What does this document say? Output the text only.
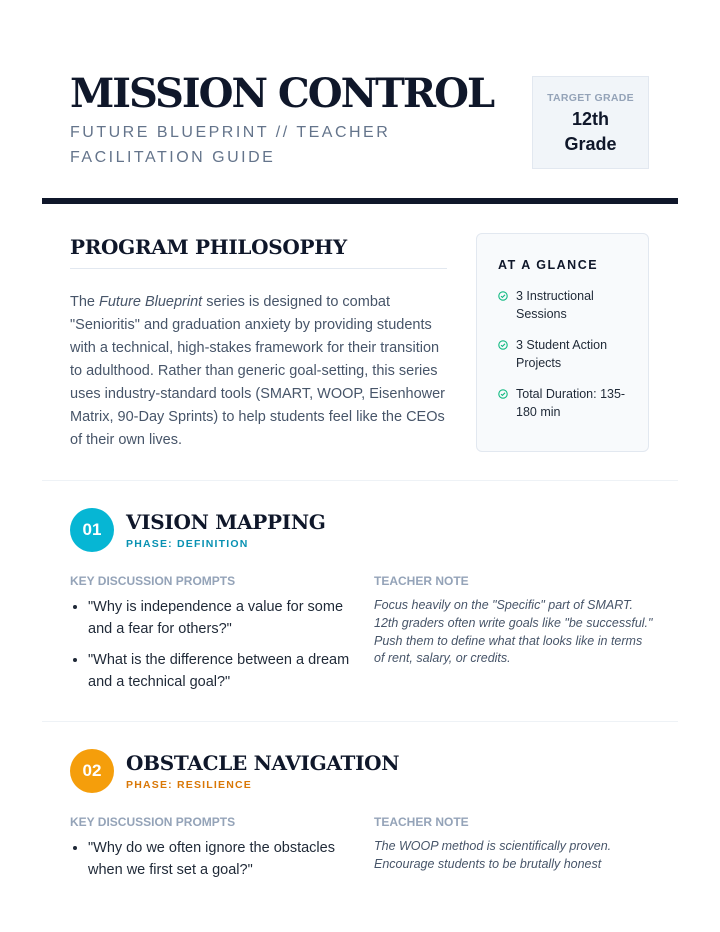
MISSION CONTROL
FUTURE BLUEPRINT // TEACHER FACILITATION GUIDE
TARGET GRADE
12th Grade
PROGRAM PHILOSOPHY
The Future Blueprint series is designed to combat "Senioritis" and graduation anxiety by providing students with a technical, high-stakes framework for their transition to adulthood. Rather than generic goal-setting, this series uses industry-standard tools (SMART, WOOP, Eisenhower Matrix, 90-Day Sprints) to help students feel like the CEOs of their own lives.
AT A GLANCE
3 Instructional Sessions
3 Student Action Projects
Total Duration: 135-180 min
01	VISION MAPPING
PHASE: DEFINITION
KEY DISCUSSION PROMPTS	TEACHER NOTE
• "Why is independence a value for some and a fear for others?"
• "What is the difference between a dream and a technical goal?"
Focus heavily on the "Specific" part of SMART. 12th graders often write goals like "be successful." Push them to define what that looks like in terms of rent, salary, or credits.
02	OBSTACLE NAVIGATION
PHASE: RESILIENCE
KEY DISCUSSION PROMPTS	TEACHER NOTE
• "Why do we often ignore the obstacles when we first set a goal?"
The WOOP method is scientifically proven. Encourage students to be brutally honest
